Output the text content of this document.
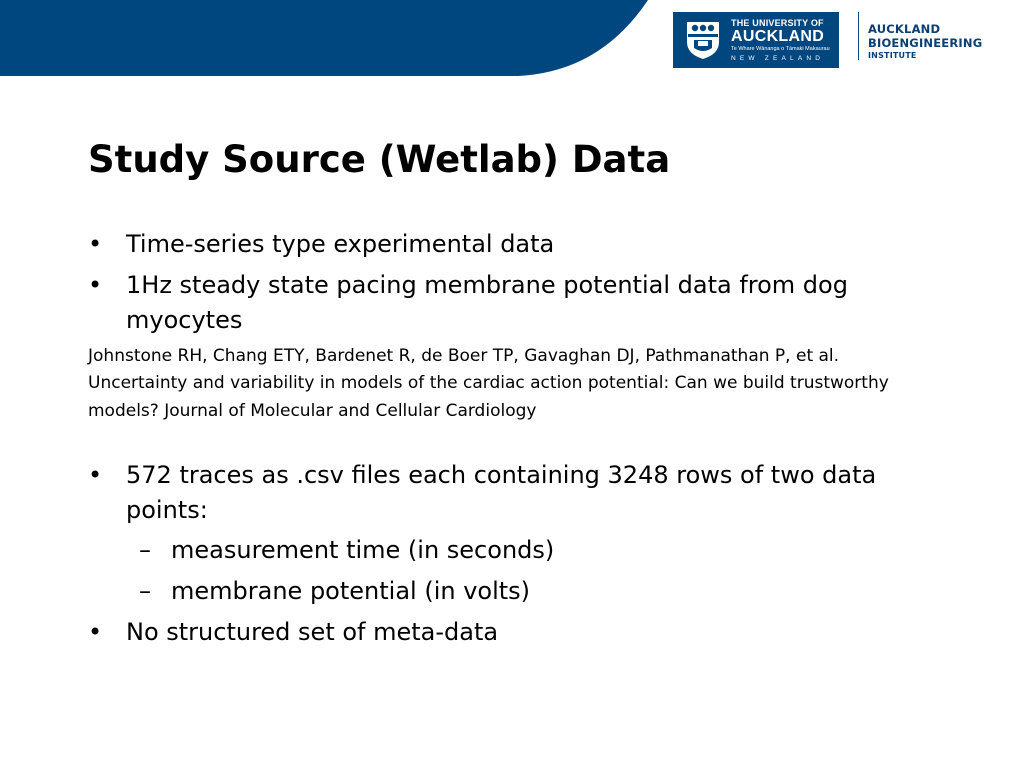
THE UNIVERSITY OF
AUCKLAND
Te Whare Wānanga o Tāmaki Makaurau
NEW ZEALAND
AUCKLAND
BIOENGINEERING
INSTITUTE
Study Source (Wetlab) Data
• Time-series type experimental data
• 1Hz steady state pacing membrane potential data from dog myocytes

Johnstone RH, Chang ETY, Bardenet R, de Boer TP, Gavaghan DJ, Pathmanathan P, et al. Uncertainty and variability in models of the cardiac action potential: Can we build trustworthy models? Journal of Molecular and Cellular Cardiology

• 572 traces as .csv files each containing 3248 rows of two data points:
– measurement time (in seconds)
– membrane potential (in volts)
• No structured set of meta-data
